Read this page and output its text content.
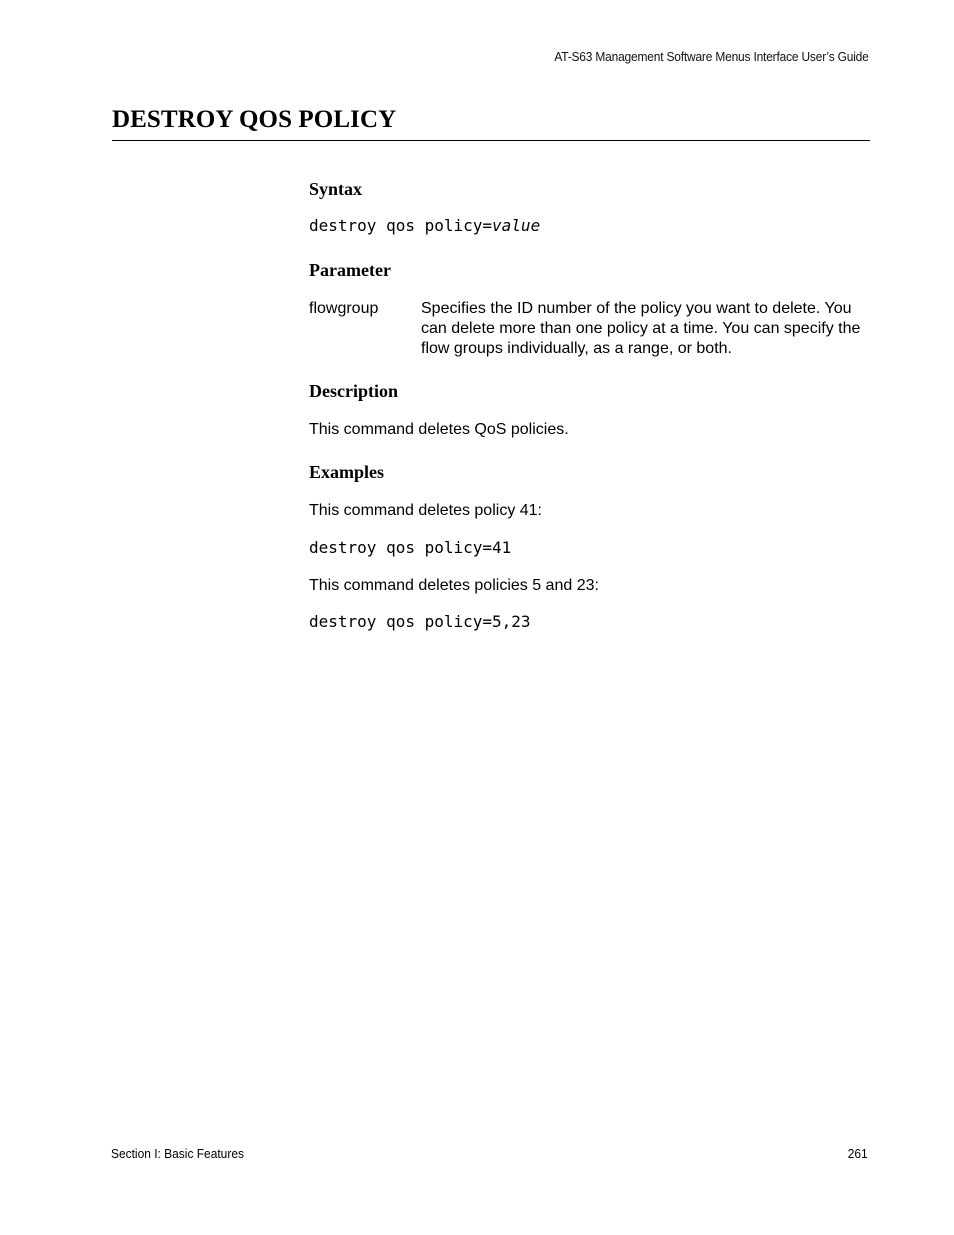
AT-S63 Management Software Menus Interface User’s Guide
DESTROY QOS POLICY
Syntax
destroy qos policy=value
Parameter
flowgroup	Specifies the ID number of the policy you want to delete. You can delete more than one policy at a time. You can specify the flow groups individually, as a range, or both.
Description

This command deletes QoS policies.

Examples

This command deletes policy 41:

destroy qos policy=41

This command deletes policies 5 and 23:

destroy qos policy=5,23
Section I: Basic Features	261
